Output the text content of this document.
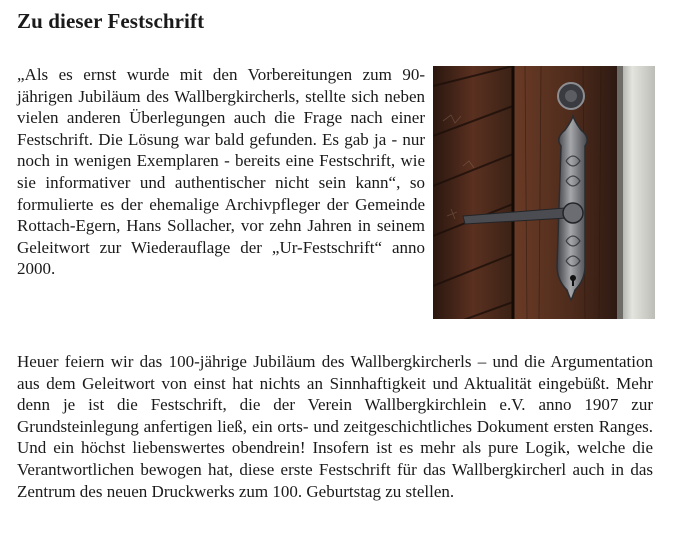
Zu dieser Festschrift

„Als es ernst wurde mit den Vorbereitungen zum 90-jährigen Jubiläum des Wallbergkircherls, stellte sich neben vielen anderen Überlegungen auch die Frage nach einer Festschrift. Die Lösung war bald gefunden. Es gab ja - nur noch in wenigen Exemplaren - bereits eine Festschrift, wie sie informativer und authentischer nicht sein kann“, so formulierte es der ehemalige Archivpfleger der Gemeinde Rottach-Egern, Hans Sollacher, vor zehn Jahren in seinem Geleitwort zur Wiederauflage der „Ur-Festschrift“ anno 2000.

Heuer feiern wir das 100-jährige Jubiläum des Wallbergkircherls – und die Argumentation aus dem Geleitwort von einst hat nichts an Sinnhaftigkeit und Aktualität eingebüßt. Mehr denn je ist die Festschrift, die der Verein Wallbergkirchlein e.V. anno 1907 zur Grundsteinlegung anfertigen ließ, ein orts- und zeitgeschichtliches Dokument ersten Ranges. Und ein höchst liebenswertes obendrein! Insofern ist es mehr als pure Logik, welche die Verantwortlichen bewogen hat, diese erste Festschrift für das Wallbergkircherl auch in das Zentrum des neuen Druckwerks zum 100. Geburtstag zu stellen.
